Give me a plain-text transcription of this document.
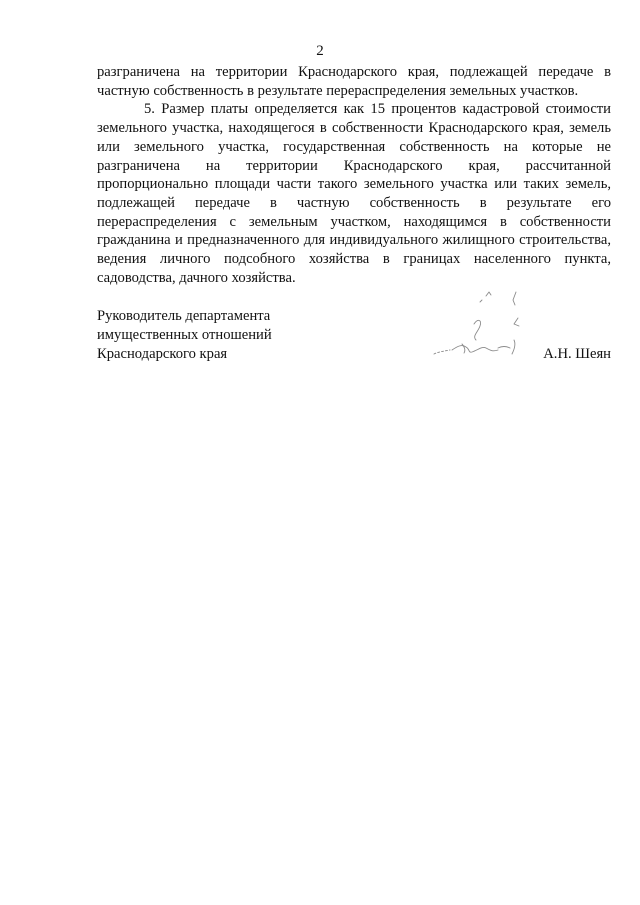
2

разграничена на территории Краснодарского края, подлежащей передаче в частную собственность в результате перераспределения земельных участков.

5. Размер платы определяется как 15 процентов кадастровой стоимости земельного участка, находящегося в собственности Краснодарского края, земель или земельного участка, государственная собственность на которые не разграничена на территории Краснодарского края, рассчитанной пропорционально площади части такого земельного участка или таких земель, подлежащей передаче в частную собственность в результате его перераспределения с земельным участком, находящимся в собственности гражданина и предназначенного для индивидуального жилищного строительства, ведения личного подсобного хозяйства в границах населенного пункта, садоводства, дачного хозяйства.

Руководитель департамента
имущественных отношений
Краснодарского края	А.Н. Шеян
